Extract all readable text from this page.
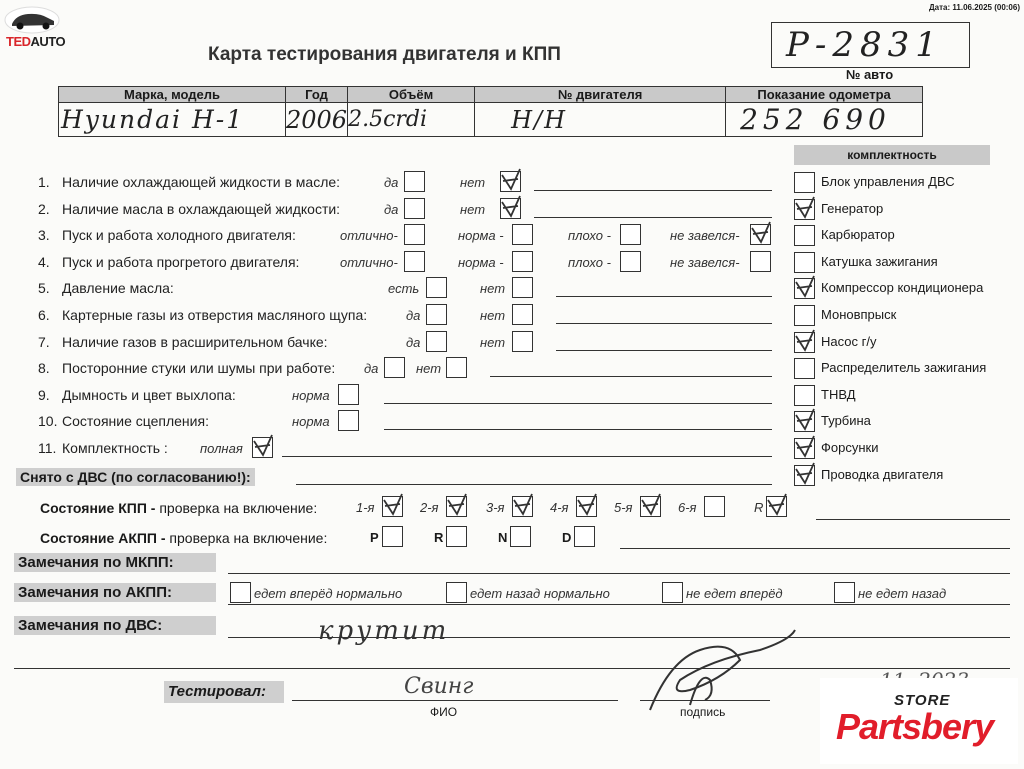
Дата: 11.06.2025 (00:06)
TEDAUTO
Карта тестирования двигателя и КПП	Р-2831
№ авто
Марка, модель	Год	Объём	№ двигателя	Показание одометра

Hyundai H-1	2006	2.5crdi	H/H	252 690
комплектность
Блок управления ДВС
Генератор
Карбюратор
Катушка зажигания
Компрессор кондиционера
Моновпрыск
Насос г/у
Распределитель зажигания
ТНВД
Турбина
Форсунки
Проводка двигателя
1. Наличие охлаждающей жидкости в масле:	да	нет
2. Наличие масла в охлаждающей жидкости:	да	нет
3. Пуск и работа холодного двигателя:	отлично-	норма -	плохо -	не завелся-
4. Пуск и работа прогретого двигателя:	отлично-	норма -	плохо -	не завелся-
5. Давление масла:	есть	нет
6. Картерные газы из отверстия масляного щупа:	да	нет
7. Наличие газов в расширительном бачке:	да	нет
8. Посторонние стуки или шумы при работе: да	нет
9. Дымность и цвет выхлопа:	норма
10. Состояние сцепления:	норма
11. Комплектность : полная
Снято с ДВС (по согласованию!):
Состояние КПП - проверка на включение:	1-я	2-я	3-я	4-я	5-я	6-я	R
Состояние АКПП - проверка на включение:	P	R	N	D
Замечания по МКПП:
Замечания по АКПП:	едет вперёд нормально	едет назад нормально	не едет вперёд	не едет назад
Замечания по ДВС:	крутит
Тестировал:	Свинг
ФИО	подпись
STORE
Partsbery
